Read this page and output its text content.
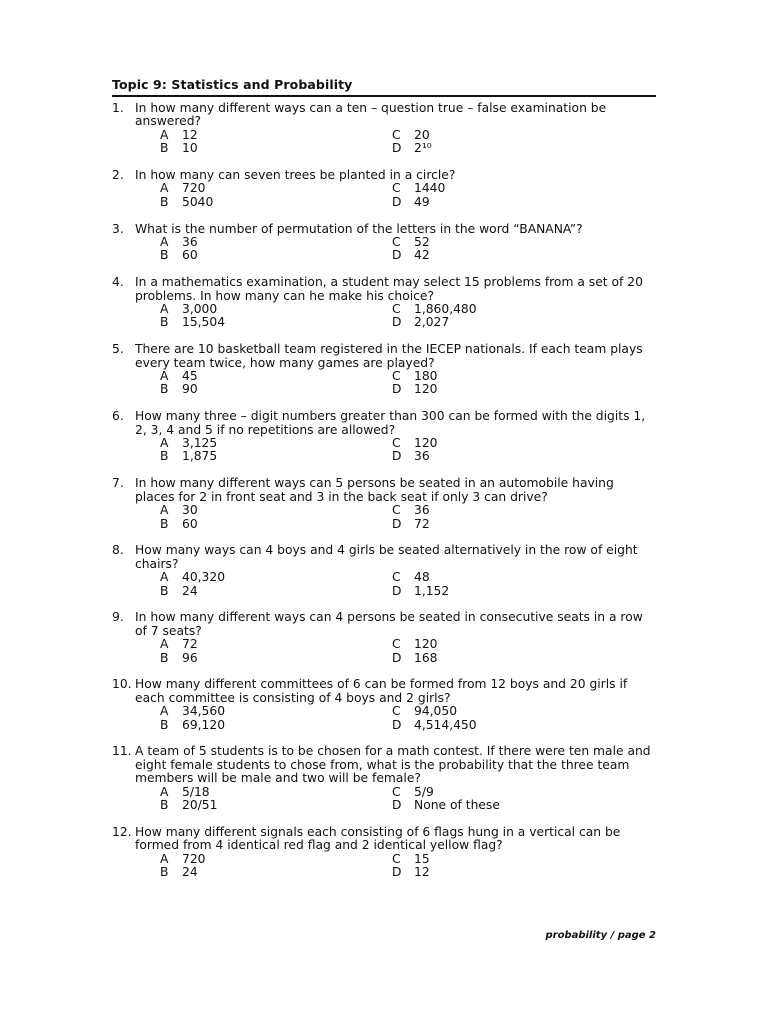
Topic 9: Statistics and Probability
1. In how many different ways can a ten – question true – false examination be answered?
A	12	C	20
B	10	D	2¹⁰
2. In how many can seven trees be planted in a circle?
A	720	C	1440
B	5040	D	49
3. What is the number of permutation of the letters in the word “BANANA”?
A	36	C	52
B	60	D	42
4. In a mathematics examination, a student may select 15 problems from a set of 20 problems. In how many can he make his choice?
A	3,000	C	1,860,480
B	15,504	D	2,027
5. There are 10 basketball team registered in the IECEP nationals. If each team plays every team twice, how many games are played?
A	45	C	180
B	90	D	120
6. How many three – digit numbers greater than 300 can be formed with the digits 1, 2, 3, 4 and 5 if no repetitions are allowed?
A	3,125	C	120
B	1,875	D	36
7. In how many different ways can 5 persons be seated in an automobile having places for 2 in front seat and 3 in the back seat if only 3 can drive?
A	30	C	36
B	60	D	72
8. How many ways can 4 boys and 4 girls be seated alternatively in the row of eight chairs?
A	40,320	C	48
B	24	D	1,152
9. In how many different ways can 4 persons be seated in consecutive seats in a row of 7 seats?
A	72	C	120
B	96	D	168
10. How many different committees of 6 can be formed from 12 boys and 20 girls if each committee is consisting of 4 boys and 2 girls?
A	34,560	C	94,050
B	69,120	D	4,514,450
11. A team of 5 students is to be chosen for a math contest. If there were ten male and eight female students to chose from, what is the probability that the three team members will be male and two will be female?
A	5/18	C	5/9
B	20/51	D	None of these
12. How many different signals each consisting of 6 flags hung in a vertical can be formed from 4 identical red flag and 2 identical yellow flag?
A	720	C	15
B	24	D	12
probability / page 2
